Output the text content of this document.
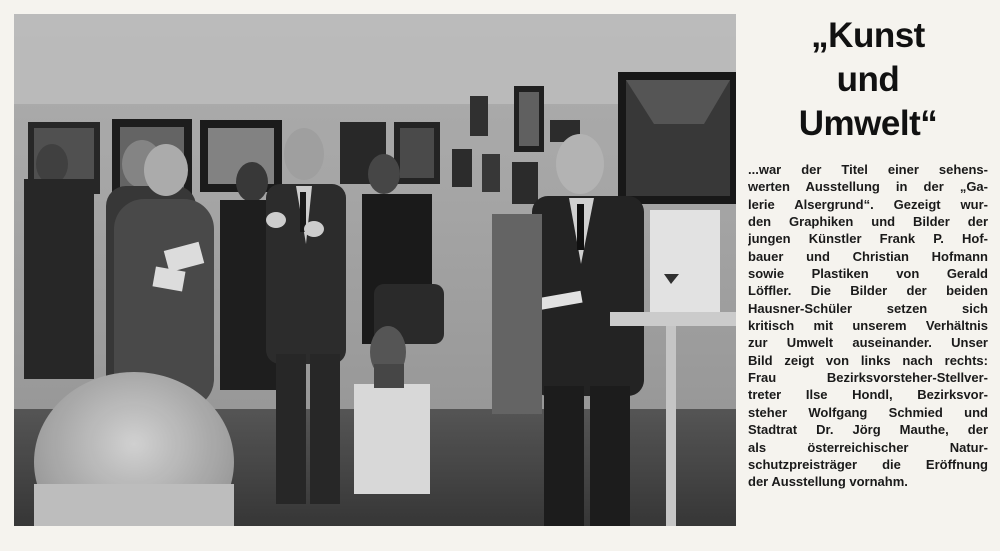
„Kunst
und
Umwelt“
...war der Titel einer sehens-
werten Ausstellung in der „Ga-
lerie Alsergrund“. Gezeigt wur-
den Graphiken und Bilder der
jungen Künstler Frank P. Hof-
bauer und Christian Hofmann
sowie Plastiken von Gerald
Löffler. Die Bilder der beiden
Hausner-Schüler setzen sich
kritisch mit unserem Verhältnis
zur Umwelt auseinander. Unser
Bild zeigt von links nach rechts:
Frau Bezirksvorsteher-Stellver-
treter Ilse Hondl, Bezirksvor-
steher Wolfgang Schmied und
Stadtrat Dr. Jörg Mauthe, der
als österreichischer Natur-
schutzpreisträger die Eröffnung
der Ausstellung vornahm.
